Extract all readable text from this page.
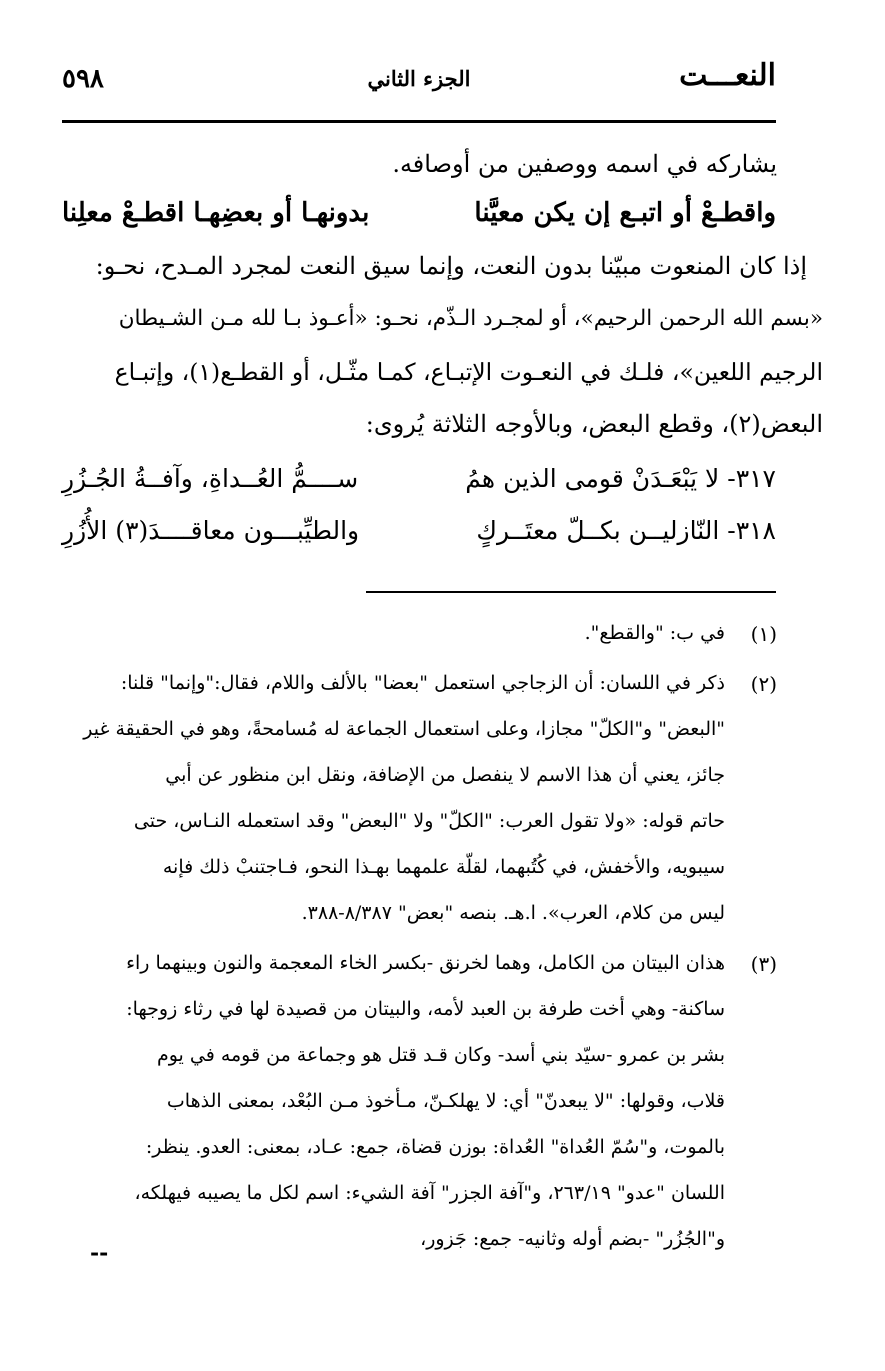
النعـــت
الجزء الثاني
٥٩٨
يشاركه في اسمه ووصفين من أوصافه.
واقطـعْ أو اتبـع إن يكن معيَّنا
بدونهـا أو بعضِهـا اقطـعْ معلِنا
إذا كان المنعوت مبيّنا بدون النعت، وإنما سيق النعت لمجرد المـدح، نحـو:
«بسم الله الرحمن الرحيم»، أو لمجـرد الـذّم، نحـو: «أعـوذ بـا لله مـن الشـيطان
الرجيم اللعين»، فلـك في النعـوت الإتبـاع، كمـا مثّـل، أو القطـع(١)، وإتبـاع
البعض(٢)، وقطع البعض، وبالأوجه الثلاثة يُروى:
٣١٧- لا يَبْعَـدَنْ قومى الذين همُ
ســــمُّ العُــداةِ، وآفــةُ الجُـزُرِ
٣١٨- النّازليــن بكــلّ معتَــركٍ
والطيِّبـــون معاقــــدَ(٣) الأُزُرِ
(١)
في ب: "والقطع".
(٢)
ذكر في اللسان: أن الزجاجي استعمل "بعضا" بالألف واللام، فقال:"وإنما" قلنا:
"البعض" و"الكلّ" مجازا، وعلى استعمال الجماعة له مُسامحةً، وهو في الحقيقة غير
جائز، يعني أن هذا الاسم لا ينفصل من الإضافة، ونقل ابن منظور عن أبي
حاتم قوله: «ولا تقول العرب: "الكلّ" ولا "البعض" وقد استعمله النـاس، حتى
سيبويه، والأخفش، في كُتُبهما، لقلّة علمهما بهـذا النحو، فـاجتنبْ ذلك فإنه
ليس من كلام، العرب». ا.هـ. بنصه "بعض" ٨/٣٨٧-٣٨٨.
(٣)
هذان البيتان من الكامل، وهما لخرنق -بكسر الخاء المعجمة والنون وبينهما راء
ساكنة- وهي أخت طرفة بن العبد لأمه، والبيتان من قصيدة لها في رثاء زوجها:
بشر بن عمرو -سيّد بني أسد- وكان قـد قتل هو وجماعة من قومه في يوم
قلاب، وقولها: "لا يبعدنّ" أي: لا يهلكـنّ، مـأخوذ مـن البُعْد، بمعنى الذهاب
بالموت، و"سُمّ العُداة" العُداة: بوزن قضاة، جمع: عـاد، بمعنى: العدو. ينظر:
اللسان "عدو" ٢٦٣/١٩، و"آفة الجزر" آفة الشيء: اسم لكل ما يصيبه فيهلكه،
و"الجُزُر" -بضم أوله وثانيه- جمع: جَزور،
--
